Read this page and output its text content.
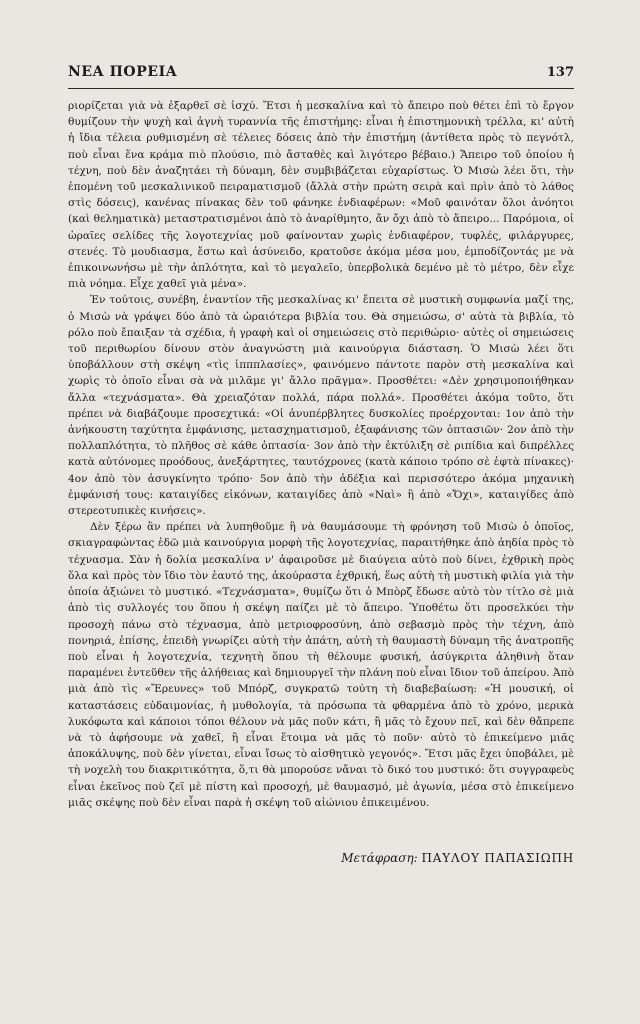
ΝΕΑ ΠΟΡΕΙΑ	137

ριορίζεται γιὰ νὰ ἐξαρθεῖ σὲ ἰσχύ. Ἔτσι ἡ μεσκαλίνα καὶ τὸ ἄπειρο ποὺ θέτει ἐπὶ τὸ ἔργον θυμίζουν τὴν ψυχὴ καὶ ἁγνὴ τυραννία τῆς ἐπιστήμης: εἶναι ἡ ἐπιστημονικὴ τρέλλα, κι' αὐτὴ ἡ ἴδια τέλεια ρυθμισμένη σὲ τέλειες δόσεις ἀπὸ τὴν ἐπιστήμη (ἀντίθετα πρὸς τὸ πεγνότλ, ποὺ εἶναι ἕνα κράμα πιὸ πλούσιο, πιὸ ἄσταθὲς καὶ λιγότερο βέβαιο.) Ἄπειρο τοῦ ὁποίου ἡ τέχνη, ποὺ δὲν ἀναζητάει τὴ δύναμη, δὲν συμβιβάζεται εὐχαρίστως. Ὁ Μισὼ λέει ὅτι, τὴν ἑπομένη τοῦ μεσκαλινικοῦ πειραματισμοῦ (ἄλλὰ στὴν πρώτη σειρὰ καὶ πρὶν ἀπὸ τὸ λάθος στὶς δόσεις), κανένας πίνακας δὲν τοῦ φάνηκε ἐνδιαφέρων: «Μοῦ φαινόταν ὅλοι ἀνόητοι (καὶ θεληματικὰ) μεταστρατισμένοι ἀπὸ τὸ ἀναρίθμητο, ἄν ὄχι ἀπὸ τὸ ἄπειρο... Παρόμοια, οἱ ὡραῖες σελίδες τῆς λογοτεχνίας μοῦ φαίνονταν χωρὶς ἐνδιαφέρον, τυφλές, φιλάργυρες, στενές. Τὸ μουδιασμα, ἔστω καὶ ἀσύνειδο, κρατοῦσε ἀκόμα μέσα μου, ἐμποδίζοντάς με νὰ ἐπικοινωνήσω μὲ τὴν ἁπλότητα, καὶ τὸ μεγαλεῖο, ὑπερβολικὰ δεμένο μὲ τὸ μέτρο, δὲν εἶχε πιὰ νόημα. Εἶχε χαθεῖ γιὰ μένα».

Ἐν τούτοις, συνέβη, ἐναντίον τῆς μεσκαλίνας κι' ἔπειτα σὲ μυστικὴ συμφωνία μαζί της, ὁ Μισὼ νὰ γράψει δύο ἀπὸ τὰ ὡραιότερα βιβλία του. Θὰ σημειώσω, σ' αὐτὰ τὰ βιβλία, τὸ ρόλο ποὺ ἔπαιξαν τὰ σχέδια, ἡ γραφὴ καὶ οἱ σημειώσεις στὸ περιθώριο· αὐτὲς οἱ σημειώσεις τοῦ περιθωρίου δίνουν στὸν ἀναγνώστη μιὰ καινούργια διάσταση. Ὁ Μισὼ λέει ὅτι ὑποβάλλουν στὴ σκέψη «τὶς ἰπππλασίες», φαινόμενο πάντοτε παρὸν στὴ μεσκαλίνα καὶ χωρὶς τὸ ὁποῖο εἶναι σὰ νὰ μιλᾶμε γι' ἄλλο πρᾶγμα». Προσθέτει: «Δὲν χρησιμοποιήθηκαν ἄλλα «τεχνάσματα». Θὰ χρειαζόταν πολλά, πάρα πολλά». Προσθέτει ἀκόμα τοῦτο, ὅτι πρέπει νὰ διαβάζουμε προσεχτικά: «Οἱ ἀνυπέρβλητες δυσκολίες προέρχονται: 1ον ἀπὸ τὴν ἀνήκουστη ταχύτητα ἐμφάνισης, μετασχηματισμοῦ, ἐξαφάνισης τῶν ὀπτασιῶν· 2ον ἀπὸ τὴν πολλαπλότητα, τὸ πλῆθος σὲ κάθε ὀπτασία· 3ον ἀπὸ τὴν ἐκτύλιξη σὲ ριπίδια καὶ διπρέλλες κατὰ αὐτόνομες προόδους, ἀνεξάρτητες, ταυτόχρονες (κατὰ κάποιο τρόπο σὲ ἑφτὰ πίνακες)· 4ον ἀπὸ τὸν ἀσυγκίνητο τρόπο· 5ον ἀπὸ τὴν ἀδέξια καὶ περισσότερο ἀκόμα μηχανικὴ ἐμφάνισή τους: καταιγίδες εἰκόνων, καταιγίδες ἀπὸ «Ναὶ» ἢ ἀπὸ «Ὄχι», καταιγίδες ἀπὸ στερεοτυπικὲς κινήσεις».

Δὲν ξέρω ἂν πρέπει νὰ λυπηθοῦμε ἢ νὰ θαυμάσουμε τὴ φρόνηση τοῦ Μισὼ ὁ ὁποῖος, σκιαγραφώντας ἐδῶ μιὰ καινούργια μορφὴ τῆς λογοτεχνίας, παραιτήθηκε ἀπὸ ἀηδία πρὸς τὸ τέχνασμα. Σὰν ἡ δολία μεσκαλίνα ν' ἀφαιροῦσε μὲ διαύγεια αὐτὸ ποὺ δίνει, ἐχθρικὴ πρὸς ὅλα καὶ πρὸς τὸν ἴδιο τὸν ἑαυτό της, ἀκούραστα ἐχθρική, ἕως αὐτὴ τὴ μυστικὴ φιλία γιὰ τὴν ὁποία ἀξιώνει τὸ μυστικό. «Τεχνάσματα», θυμίζω ὅτι ὁ Μπὸρζ ἔδωσε αὐτὸ τὸν τίτλο σὲ μιὰ ἀπὸ τὶς συλλογές του ὅπου ἡ σκέψη παίζει μὲ τὸ ἄπειρο. Ὑποθέτω ὅτι προσελκύει τὴν προσοχὴ πάνω στὸ τέχνασμα, ἀπὸ μετριοφροσύνη, ἀπὸ σεβασμὸ πρὸς τὴν τέχνη, ἀπὸ πονηριά, ἐπίσης, ἐπειδὴ γνωρίζει αὐτὴ τὴν ἀπάτη, αὐτὴ τὴ θαυμαστὴ δύναμη τῆς ἀνατροπῆς ποὺ εἶναι ἡ λογοτεχνία, τεχνητὴ ὅπου τὴ θέλουμε φυσική, ἀσύγκριτα ἀληθινὴ ὅταν παραμένει ἐντεῦθεν τῆς ἀλήθειας καὶ δημιουργεῖ τὴν πλάνη ποὺ εἶναι ἴδιον τοῦ ἀπείρου. Ἀπὸ μιὰ ἀπὸ τὶς «Ἔρευνες» τοῦ Μπόρζ, συγκρατῶ τούτη τὴ διαβεβαίωση: «Ἡ μουσική, οἱ καταστάσεις εὐδαιμονίας, ἡ μυθολογία, τὰ πρόσωπα τὰ φθαρμένα ἀπὸ τὸ χρόνο, μερικὰ λυκόφωτα καὶ κάποιοι τόποι θέλουν νὰ μᾶς ποῦν κάτι, ἢ μᾶς τὸ ἔχουν πεῖ, καὶ δὲν θἄπρεπε νὰ τὸ ἀφήσουμε νὰ χαθεῖ, ἢ εἶναι ἕτοιμα νὰ μᾶς τὸ ποῦν· αὐτὸ τὸ ἐπικείμενο μιᾶς ἀποκάλυψης, ποὺ δὲν γίνεται, εἶναι ἴσως τὸ αἰσθητικὸ γεγονός». Ἔτσι μᾶς ἔχει ὑποβάλει, μὲ τὴ νοχελὴ του διακριτικότητα, ὅ,τι θὰ μπορούσε νἄναι τὸ δικό του μυστικό: ὅτι συγγραφεὺς εἶναι ἐκεῖνος ποὺ ζεῖ μὲ πίστη καὶ προσοχή, μὲ θαυμασμό, μὲ ἀγωνία, μέσα στὸ ἐπικείμενο μιᾶς σκέψης ποὺ δὲν εἶναι παρὰ ἡ σκέψη τοῦ αἰώνιου ἐπικειμένου.

Μετάφραση: ΠΑΥΛΟΥ ΠΑΠΑΣΙΩΠΗ
